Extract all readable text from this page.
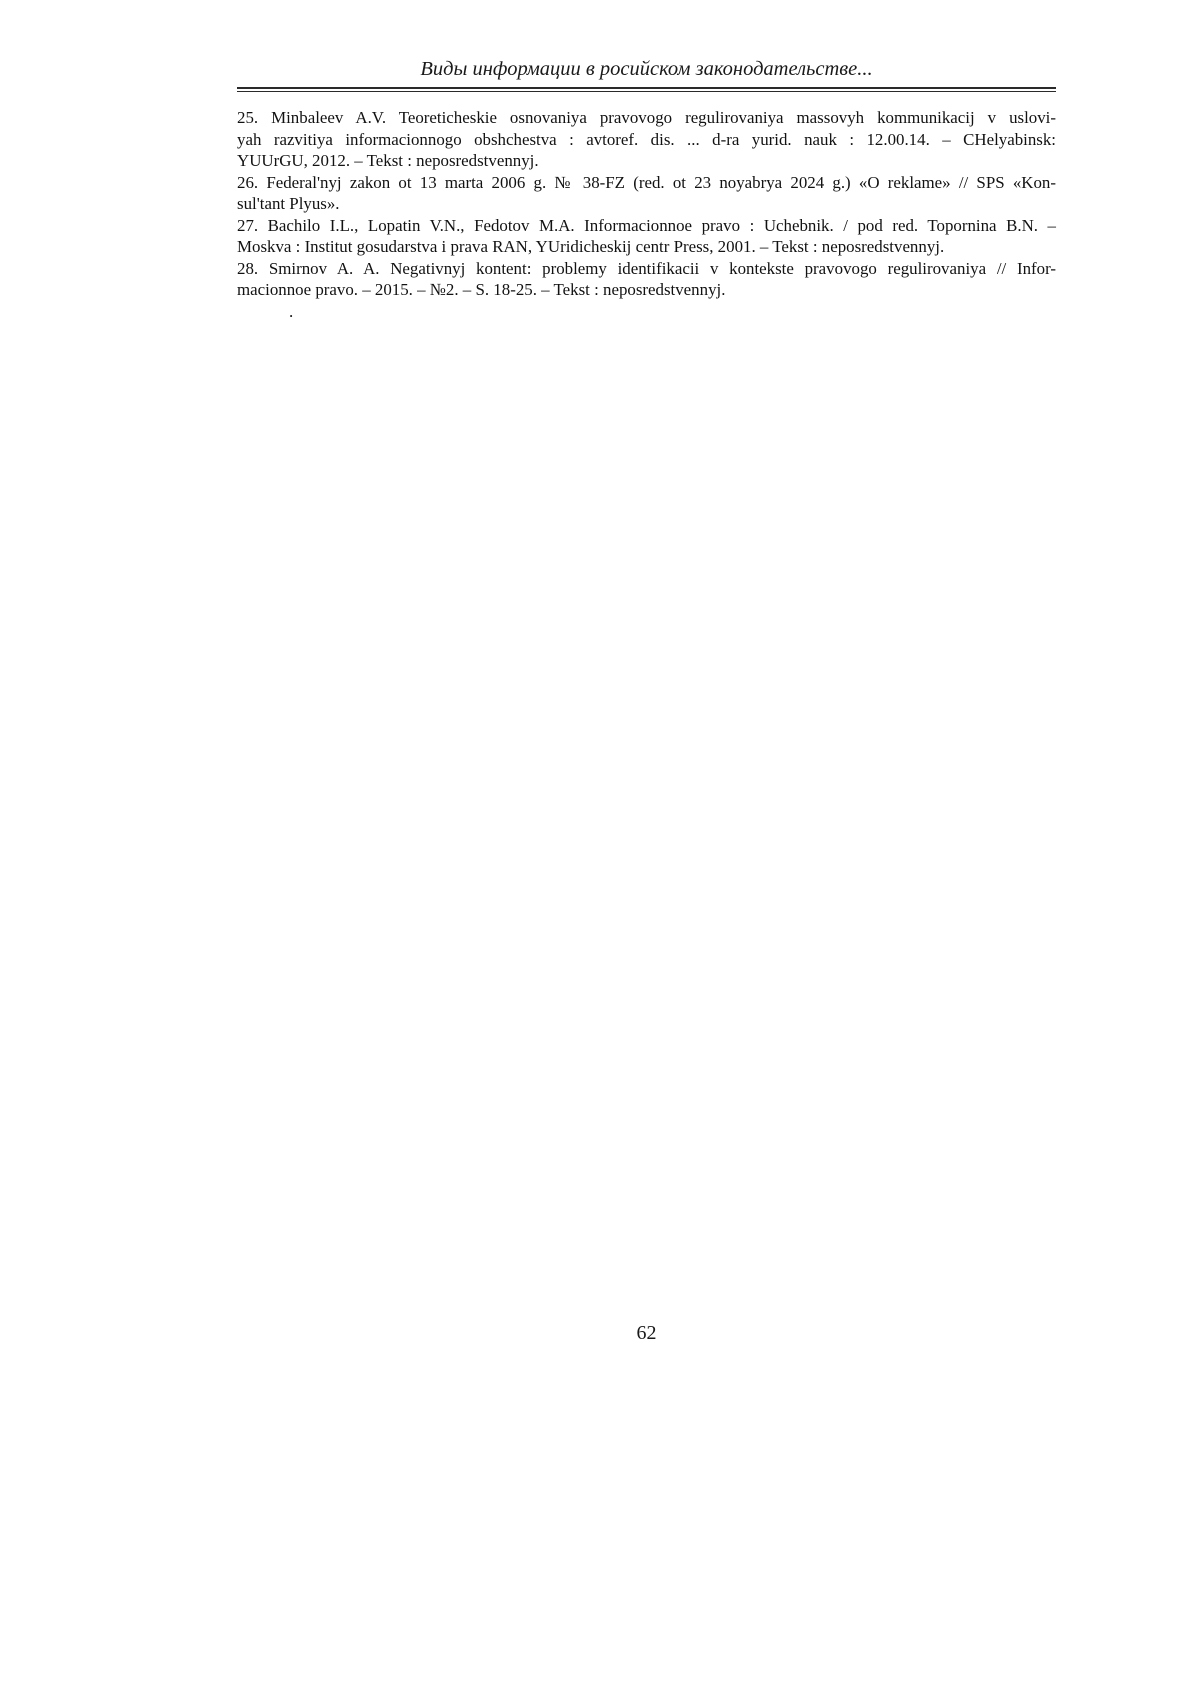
Виды информации в росийском законодательстве...
25. Minbaleev A.V. Teoreticheskie osnovaniya pravovogo regulirovaniya massovyh kommunikacij v uslovi-
yah razvitiya informacionnogo obshchestva : avtoref. dis. ... d-ra yurid. nauk : 12.00.14. – CHelyabinsk:
YUUrGU, 2012. – Tekst : neposredstvennyj.
26. Federal'nyj zakon ot 13 marta 2006 g. № 38-FZ (red. ot 23 noyabrya 2024 g.) «O reklame» // SPS «Kon-
sul'tant Plyus».
27. Bachilo I.L., Lopatin V.N., Fedotov M.A. Informacionnoe pravo : Uchebnik. / pod red. Topornina B.N. –
Moskva : Institut gosudarstva i prava RAN, YUridicheskij centr Press, 2001. – Tekst : neposredstvennyj.
28. Smirnov A. A. Negativnyj kontent: problemy identifikacii v kontekste pravovogo regulirovaniya // Infor-
macionnoe pravo. – 2015. – №2. – S. 18-25. – Tekst : neposredstvennyj.
.
62
